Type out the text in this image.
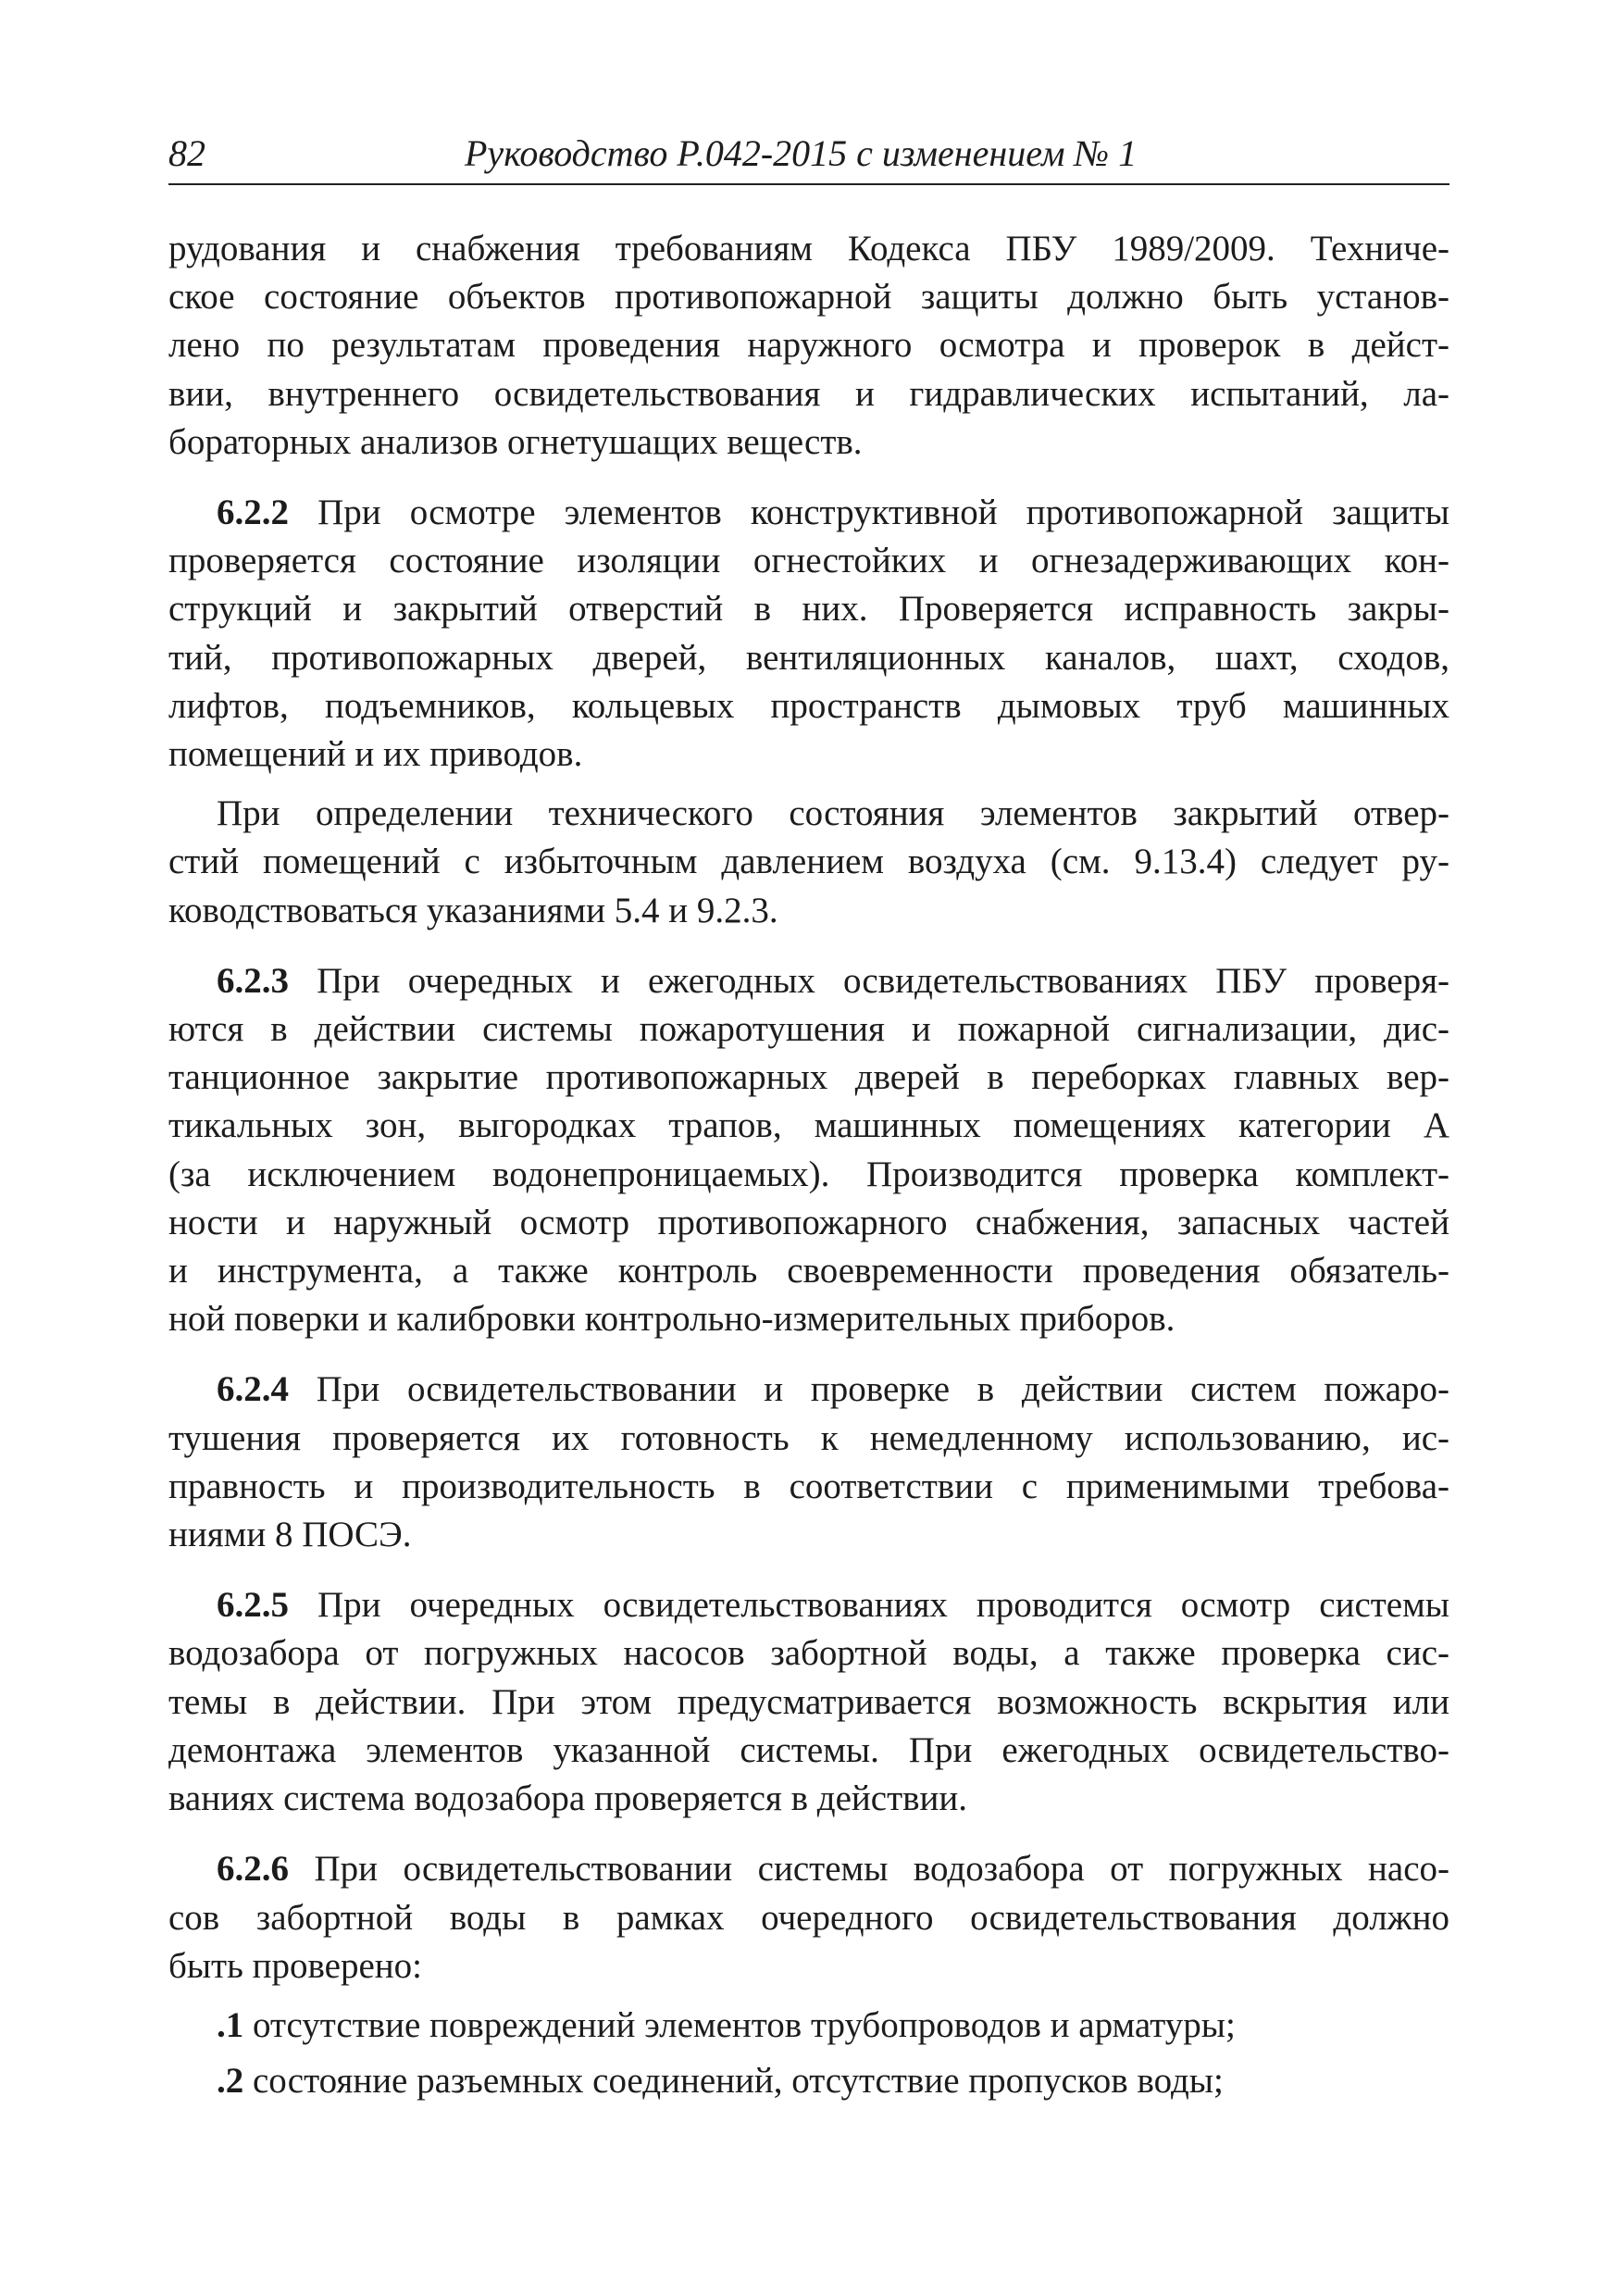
82	Руководство Р.042-2015 с изменением № 1

рудования и снабжения требованиям Кодекса ПБУ 1989/2009. Техниче-
ское состояние объектов противопожарной защиты должно быть установ-
лено по результатам проведения наружного осмотра и проверок в дейст-
вии, внутреннего освидетельствования и гидравлических испытаний, ла-
бораторных анализов огнетушащих веществ.

6.2.2 При осмотре элементов конструктивной противопожарной защиты
проверяется состояние изоляции огнестойких и огнезадерживающих кон-
струкций и закрытий отверстий в них. Проверяется исправность закры-
тий, противопожарных дверей, вентиляционных каналов, шахт, сходов,
лифтов, подъемников, кольцевых пространств дымовых труб машинных
помещений и их приводов.

При определении технического состояния элементов закрытий отвер-
стий помещений с избыточным давлением воздуха (см. 9.13.4) следует ру-
ководствоваться указаниями 5.4 и 9.2.3.

6.2.3 При очередных и ежегодных освидетельствованиях ПБУ проверя-
ются в действии системы пожаротушения и пожарной сигнализации, дис-
танционное закрытие противопожарных дверей в переборках главных вер-
тикальных зон, выгородках трапов, машинных помещениях категории А
(за исключением водонепроницаемых). Производится проверка комплект-
ности и наружный осмотр противопожарного снабжения, запасных частей
и инструмента, а также контроль своевременности проведения обязатель-
ной поверки и калибровки контрольно-измерительных приборов.

6.2.4 При освидетельствовании и проверке в действии систем пожаро-
тушения проверяется их готовность к немедленному использованию, ис-
правность и производительность в соответствии с применимыми требова-
ниями 8 ПОСЭ.

6.2.5 При очередных освидетельствованиях проводится осмотр системы
водозабора от погружных насосов забортной воды, а также проверка сис-
темы в действии. При этом предусматривается возможность вскрытия или
демонтажа элементов указанной системы. При ежегодных освидетельство-
ваниях система водозабора проверяется в действии.

6.2.6 При освидетельствовании системы водозабора от погружных насо-
сов забортной воды в рамках очередного освидетельствования должно
быть проверено:

.1 отсутствие повреждений элементов трубопроводов и арматуры;
.2 состояние разъемных соединений, отсутствие пропусков воды;
